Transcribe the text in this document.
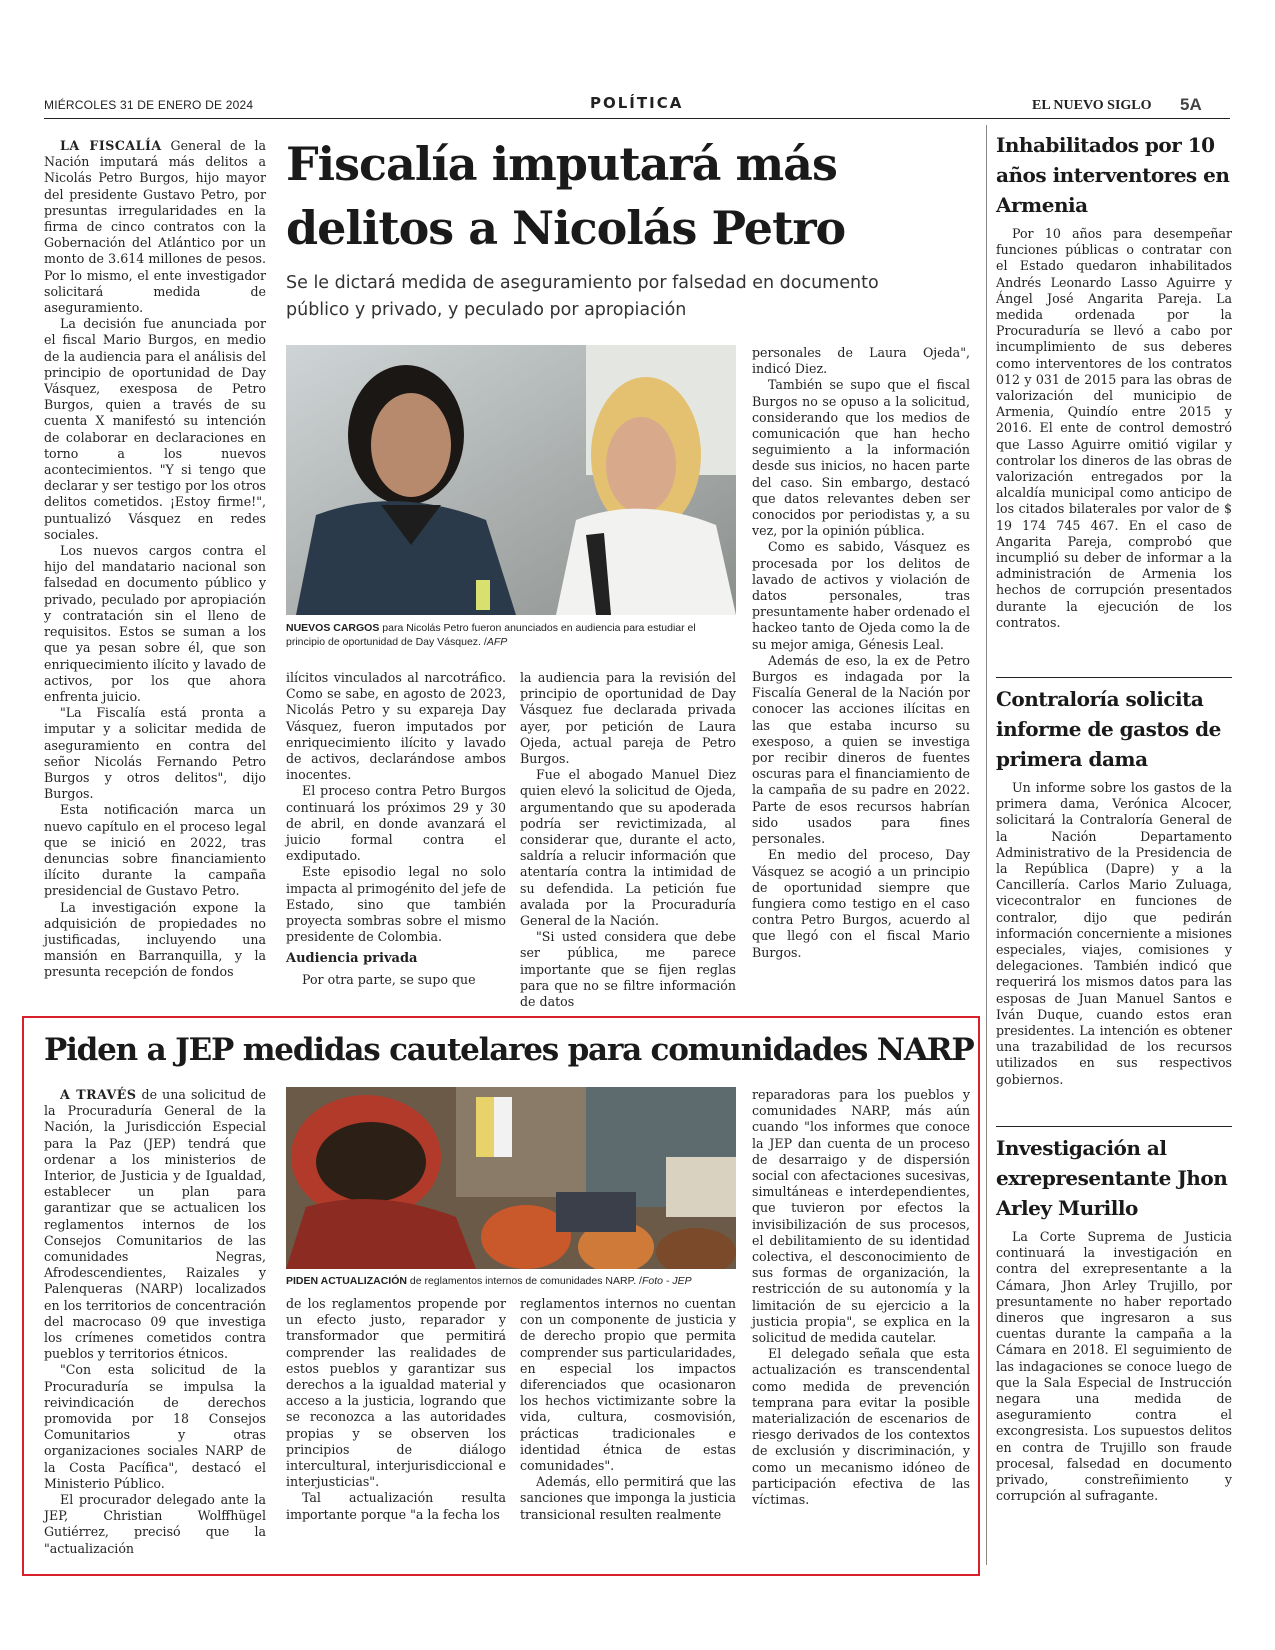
MIÉRCOLES 31 DE ENERO DE 2024	POLÍTICA	EL NUEVO SIGLO 5A

LA FISCALÍA General de la Nación imputará más delitos a Nicolás Petro Burgos, hijo mayor del presidente Gustavo Petro, por presuntas irregularidades en la firma de cinco contratos con la Gobernación del Atlántico por un monto de 3.614 millones de pesos. Por lo mismo, el ente investigador solicitará medida de aseguramiento.

La decisión fue anunciada por el fiscal Mario Burgos, en medio de la audiencia para el análisis del principio de oportunidad de Day Vásquez, exesposa de Petro Burgos, quien a través de su cuenta X manifestó su intención de colaborar en declaraciones en torno a los nuevos acontecimientos. "Y si tengo que declarar y ser testigo por los otros delitos cometidos. ¡Estoy firme!", puntualizó Vásquez en redes sociales.

Los nuevos cargos contra el hijo del mandatario nacional son falsedad en documento público y privado, peculado por apropiación y contratación sin el lleno de requisitos. Estos se suman a los que ya pesan sobre él, que son enriquecimiento ilícito y lavado de activos, por los que ahora enfrenta juicio.

"La Fiscalía está pronta a imputar y a solicitar medida de aseguramiento en contra del señor Nicolás Fernando Petro Burgos y otros delitos", dijo Burgos.

Esta notificación marca un nuevo capítulo en el proceso legal que se inició en 2022, tras denuncias sobre financiamiento ilícito durante la campaña presidencial de Gustavo Petro.

La investigación expone la adquisición de propiedades no justificadas, incluyendo una mansión en Barranquilla, y la presunta recepción de fondos

Fiscalía imputará más
delitos a Nicolás Petro
Se le dictará medida de aseguramiento por falsedad en documento público y privado, y peculado por apropiación
NUEVOS CARGOS para Nicolás Petro fueron anunciados en audiencia para estudiar el principio de oportunidad de Day Vásquez. /AFP

ilícitos vinculados al narcotráfico. Como se sabe, en agosto de 2023, Nicolás Petro y su expareja Day Vásquez, fueron imputados por enriquecimiento ilícito y lavado de activos, declarándose ambos inocentes.

El proceso contra Petro Burgos continuará los próximos 29 y 30 de abril, en donde avanzará el juicio formal contra el exdiputado.

Este episodio legal no solo impacta al primogénito del jefe de Estado, sino que también proyecta sombras sobre el mismo presidente de Colombia.

Audiencia privada

Por otra parte, se supo que

la audiencia para la revisión del principio de oportunidad de Day Vásquez fue declarada privada ayer, por petición de Laura Ojeda, actual pareja de Petro Burgos.

Fue el abogado Manuel Diez quien elevó la solicitud de Ojeda, argumentando que su apoderada podría ser revictimizada, al considerar que, durante el acto, saldría a relucir información que atentaría contra la intimidad de su defendida. La petición fue avalada por la Procuraduría General de la Nación.

"Si usted considera que debe ser pública, me parece importante que se fijen reglas para que no se filtre información de datos

personales de Laura Ojeda", indicó Diez.

También se supo que el fiscal Burgos no se opuso a la solicitud, considerando que los medios de comunicación que han hecho seguimiento a la información desde sus inicios, no hacen parte del caso. Sin embargo, destacó que datos relevantes deben ser conocidos por periodistas y, a su vez, por la opinión pública.

Como es sabido, Vásquez es procesada por los delitos de lavado de activos y violación de datos personales, tras presuntamente haber ordenado el hackeo tanto de Ojeda como la de su mejor amiga, Génesis Leal.

Además de eso, la ex de Petro Burgos es indagada por la Fiscalía General de la Nación por conocer las acciones ilícitas en las que estaba incurso su exesposo, a quien se investiga por recibir dineros de fuentes oscuras para el financiamiento de la campaña de su padre en 2022. Parte de esos recursos habrían sido usados para fines personales.

En medio del proceso, Day Vásquez se acogió a un principio de oportunidad siempre que fungiera como testigo en el caso contra Petro Burgos, acuerdo al que llegó con el fiscal Mario Burgos.

Inhabilitados por 10 años interventores en Armenia

Por 10 años para desempeñar funciones públicas o contratar con el Estado quedaron inhabilitados Andrés Leonardo Lasso Aguirre y Ángel José Angarita Pareja. La medida ordenada por la Procuraduría se llevó a cabo por incumplimiento de sus deberes como interventores de los contratos 012 y 031 de 2015 para las obras de valorización del municipio de Armenia, Quindío entre 2015 y 2016. El ente de control demostró que Lasso Aguirre omitió vigilar y controlar los dineros de las obras de valorización entregados por la alcaldía municipal como anticipo de los citados bilaterales por valor de $ 19 174 745 467. En el caso de Angarita Pareja, comprobó que incumplió su deber de informar a la administración de Armenia los hechos de corrupción presentados durante la ejecución de los contratos.

Contraloría solicita informe de gastos de primera dama

Un informe sobre los gastos de la primera dama, Verónica Alcocer, solicitará la Contraloría General de la Nación Departamento Administrativo de la Presidencia de la República (Dapre) y a la Cancillería. Carlos Mario Zuluaga, vicecontralor en funciones de contralor, dijo que pedirán información concerniente a misiones especiales, viajes, comisiones y delegaciones. También indicó que requerirá los mismos datos para las esposas de Juan Manuel Santos e Iván Duque, cuando estos eran presidentes. La intención es obtener una trazabilidad de los recursos utilizados en sus respectivos gobiernos.

Investigación al exrepresentante Jhon Arley Murillo

La Corte Suprema de Justicia continuará la investigación en contra del exrepresentante a la Cámara, Jhon Arley Trujillo, por presuntamente no haber reportado dineros que ingresaron a sus cuentas durante la campaña a la Cámara en 2018. El seguimiento de las indagaciones se conoce luego de que la Sala Especial de Instrucción negara una medida de aseguramiento contra el excongresista. Los supuestos delitos en contra de Trujillo son fraude procesal, falsedad en documento privado, constreñimiento y corrupción al sufragante.

Piden a JEP medidas cautelares para comunidades NARP

A TRAVÉS de una solicitud de la Procuraduría General de la Nación, la Jurisdicción Especial para la Paz (JEP) tendrá que ordenar a los ministerios de Interior, de Justicia y de Igualdad, establecer un plan para garantizar que se actualicen los reglamentos internos de los Consejos Comunitarios de las comunidades Negras, Afrodescendientes, Raizales y Palenqueras (NARP) localizados en los territorios de concentración del macrocaso 09 que investiga los crímenes cometidos contra pueblos y territorios étnicos.

"Con esta solicitud de la Procuraduría se impulsa la reivindicación de derechos promovida por 18 Consejos Comunitarios y otras organizaciones sociales NARP de la Costa Pacífica", destacó el Ministerio Público.

El procurador delegado ante la JEP, Christian Wolffhügel Gutiérrez, precisó que la "actualización

PIDEN ACTUALIZACIÓN de reglamentos internos de comunidades NARP. /Foto - JEP

de los reglamentos propende por un efecto justo, reparador y transformador que permitirá comprender las realidades de estos pueblos y garantizar sus derechos a la igualdad material y acceso a la justicia, logrando que se reconozca a las autoridades propias y se observen los principios de diálogo intercultural, interjurisdiccional e interjusticias".

Tal actualización resulta importante porque "a la fecha los

reglamentos internos no cuentan con un componente de justicia y de derecho propio que permita comprender sus particularidades, en especial los impactos diferenciados que ocasionaron los hechos victimizante sobre la vida, cultura, cosmovisión, prácticas tradicionales e identidad étnica de estas comunidades".

Además, ello permitirá que las sanciones que imponga la justicia transicional resulten realmente

reparadoras para los pueblos y comunidades NARP, más aún cuando "los informes que conoce la JEP dan cuenta de un proceso de desarraigo y de dispersión social con afectaciones sucesivas, simultáneas e interdependientes, que tuvieron por efectos la invisibilización de sus procesos, el debilitamiento de su identidad colectiva, el desconocimiento de sus formas de organización, la restricción de su autonomía y la limitación de su ejercicio a la justicia propia", se explica en la solicitud de medida cautelar.

El delegado señala que esta actualización es transcendental como medida de prevención temprana para evitar la posible materialización de escenarios de riesgo derivados de los contextos de exclusión y discriminación, y como un mecanismo idóneo de participación efectiva de las víctimas.
